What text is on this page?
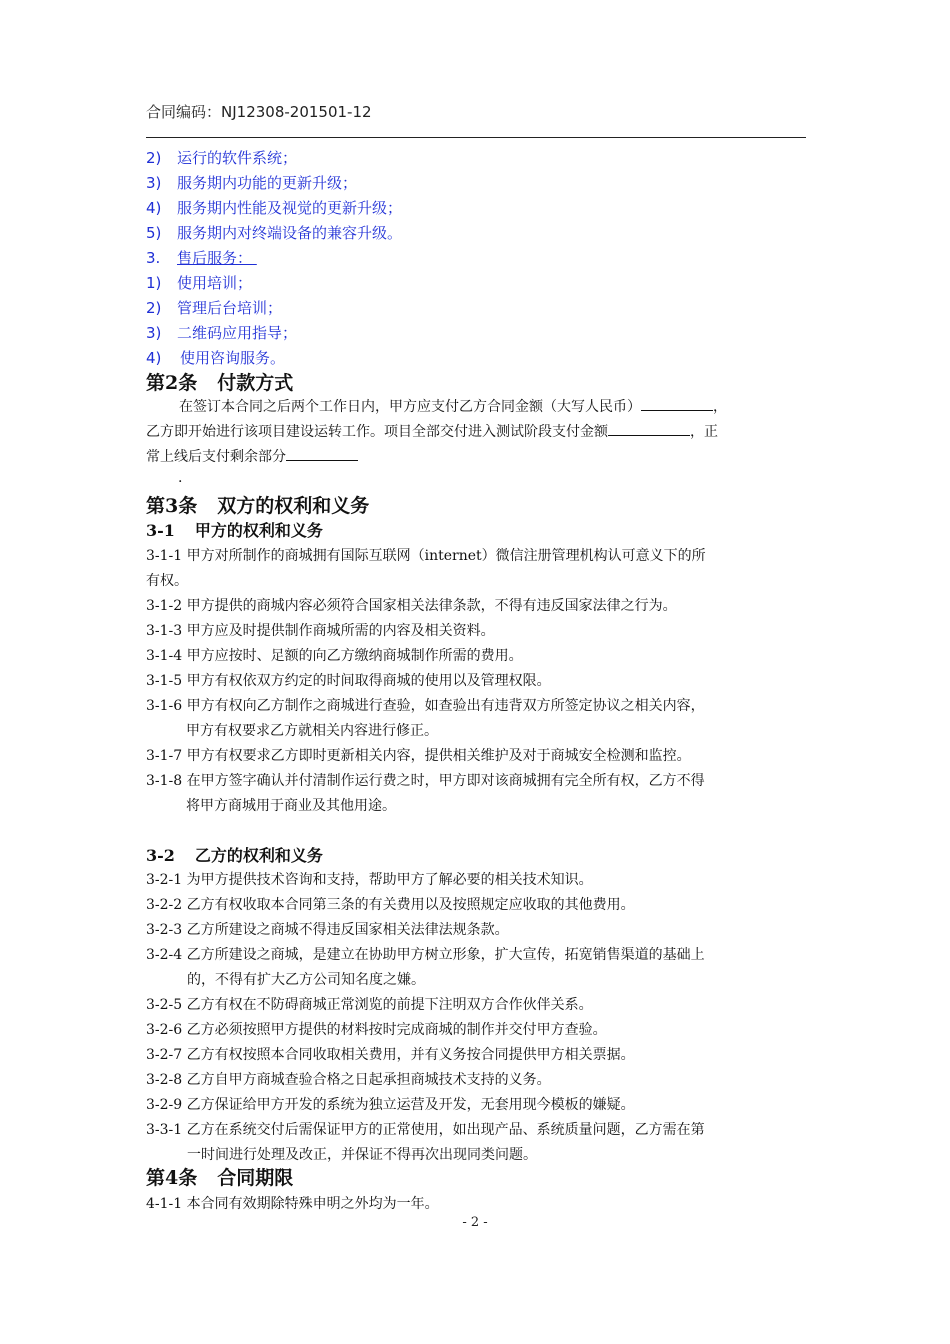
合同编码：NJ12308-201501-12
2) 运行的软件系统；
3) 服务期内功能的更新升级；
4) 服务期内性能及视觉的更新升级；
5) 服务期内对终端设备的兼容升级。
3. 售后服务：
1) 使用培训；
2) 管理后台培训；
3) 二维码应用指导；
4) 使用咨询服务。
第2条 付款方式
在签订本合同之后两个工作日内，甲方应支付乙方合同金额（大写人民币）	，
乙方即开始进行该项目建设运转工作。项目全部交付进入测试阶段支付金额	，正
常上线后支付剩余部分
.
第3条 双方的权利和义务
3-1 甲方的权利和义务
3-1-1 甲方对所制作的商城拥有国际互联网（internet）微信注册管理机构认可意义下的所
有权。
3-1-2 甲方提供的商城内容必须符合国家相关法律条款，不得有违反国家法律之行为。
3-1-3 甲方应及时提供制作商城所需的内容及相关资料。
3-1-4 甲方应按时、足额的向乙方缴纳商城制作所需的费用。
3-1-5 甲方有权依双方约定的时间取得商城的使用以及管理权限。
3-1-6 甲方有权向乙方制作之商城进行查验，如查验出有违背双方所签定协议之相关内容，
甲方有权要求乙方就相关内容进行修正。
3-1-7 甲方有权要求乙方即时更新相关内容，提供相关维护及对于商城安全检测和监控。
3-1-8 在甲方签字确认并付清制作运行费之时，甲方即对该商城拥有完全所有权，乙方不得
将甲方商城用于商业及其他用途。
3-2 乙方的权利和义务
3-2-1 为甲方提供技术咨询和支持，帮助甲方了解必要的相关技术知识。
3-2-2 乙方有权收取本合同第三条的有关费用以及按照规定应收取的其他费用。
3-2-3 乙方所建设之商城不得违反国家相关法律法规条款。
3-2-4 乙方所建设之商城，是建立在协助甲方树立形象，扩大宣传，拓宽销售渠道的基础上
的，不得有扩大乙方公司知名度之嫌。
3-2-5 乙方有权在不防碍商城正常浏览的前提下注明双方合作伙伴关系。
3-2-6 乙方必须按照甲方提供的材料按时完成商城的制作并交付甲方查验。
3-2-7 乙方有权按照本合同收取相关费用，并有义务按合同提供甲方相关票据。
3-2-8 乙方自甲方商城查验合格之日起承担商城技术支持的义务。
3-2-9 乙方保证给甲方开发的系统为独立运营及开发，无套用现今模板的嫌疑。
3-3-1 乙方在系统交付后需保证甲方的正常使用，如出现产品、系统质量问题，乙方需在第
一时间进行处理及改正，并保证不得再次出现同类问题。
第4条 合同期限
4-1-1 本合同有效期除特殊申明之外均为一年。
- 2 -
